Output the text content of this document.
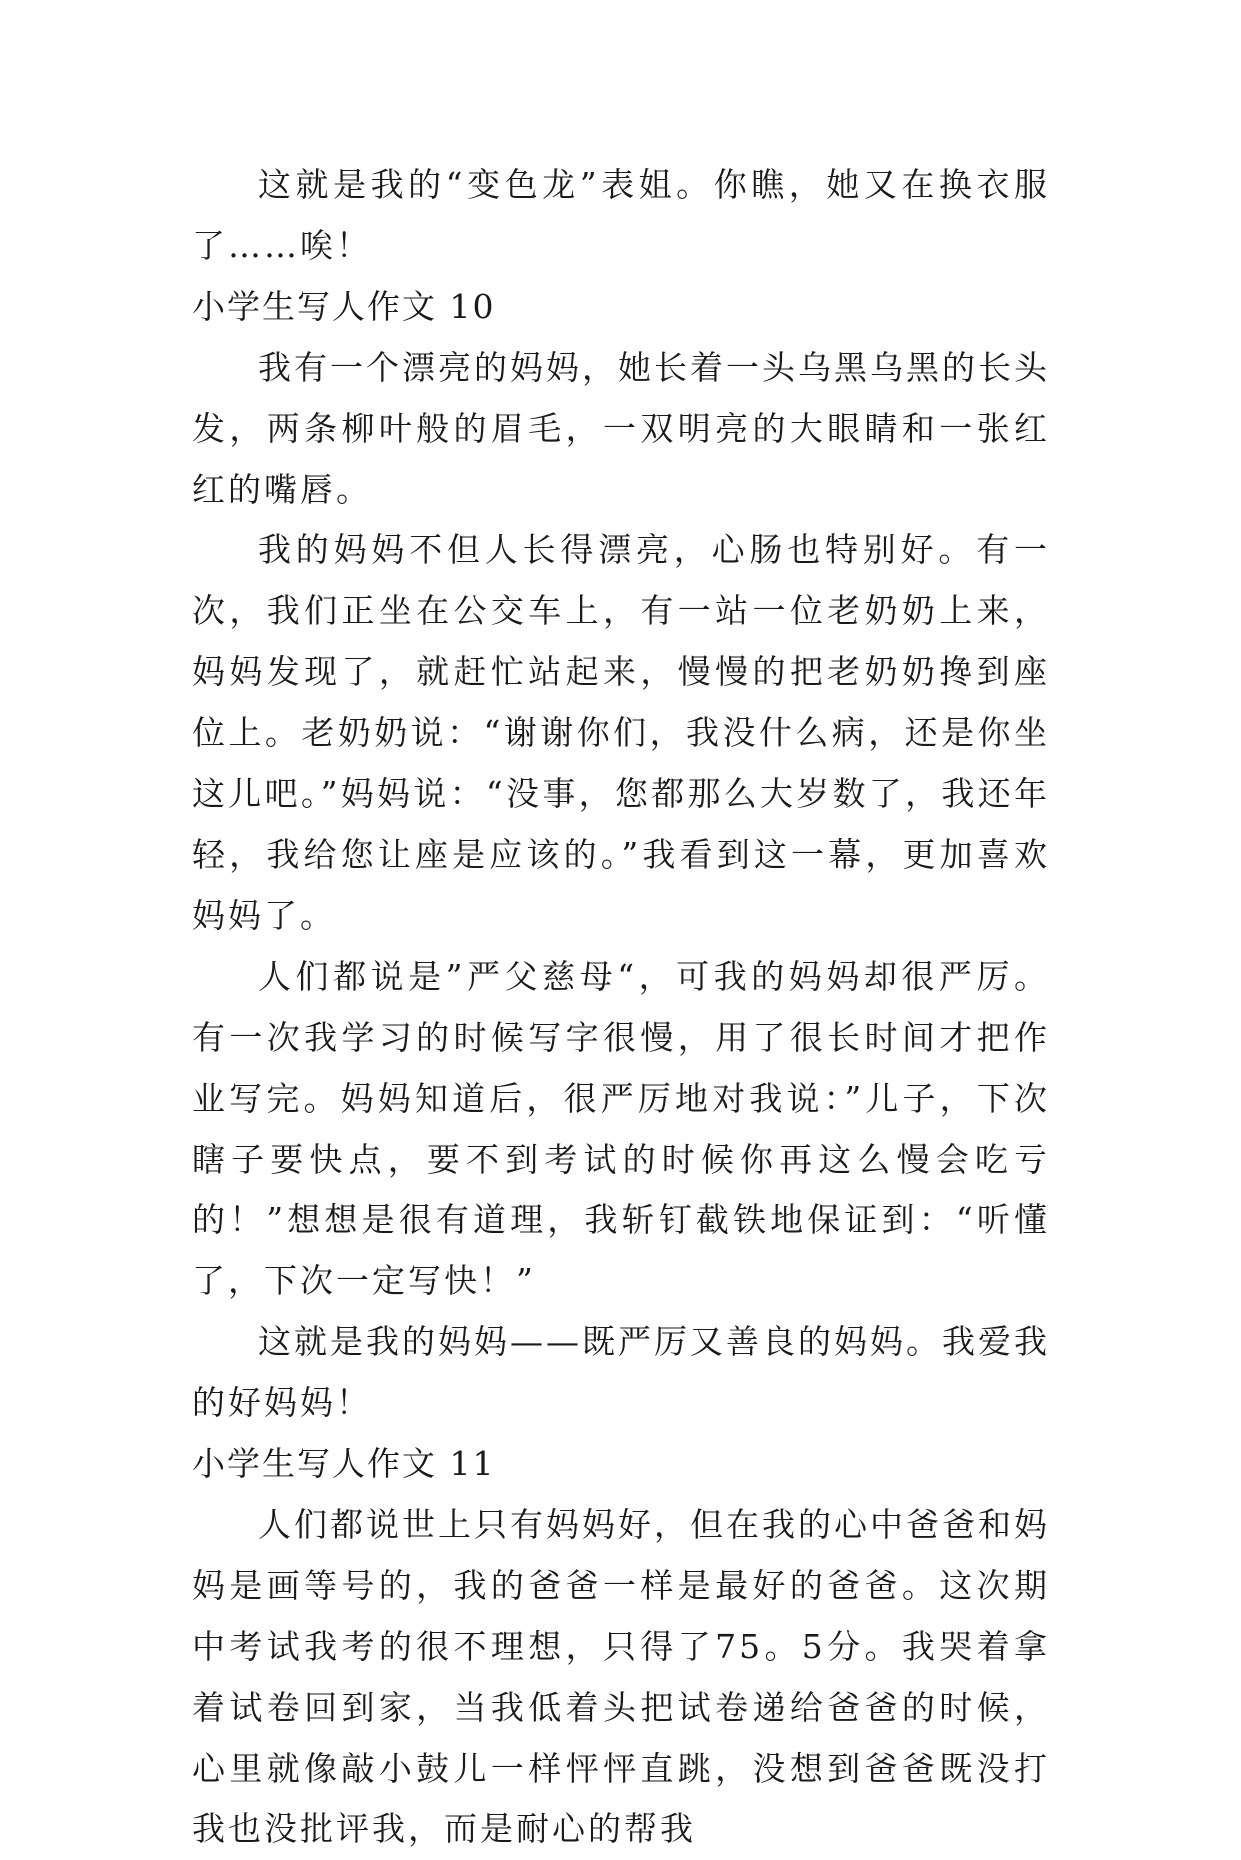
这就是我的“变色龙”表姐。你瞧，她又在换衣服了……唉！

小学生写人作文 10

我有一个漂亮的妈妈，她长着一头乌黑乌黑的长头发，两条柳叶般的眉毛，一双明亮的大眼睛和一张红红的嘴唇。

我的妈妈不但人长得漂亮，心肠也特别好。有一次，我们正坐在公交车上，有一站一位老奶奶上来，妈妈发现了，就赶忙站起来，慢慢的把老奶奶搀到座位上。老奶奶说：“谢谢你们，我没什么病，还是你坐这儿吧。”妈妈说：“没事，您都那么大岁数了，我还年轻，我给您让座是应该的。”我看到这一幕，更加喜欢妈妈了。

人们都说是”严父慈母“，可我的妈妈却很严厉。有一次我学习的时候写字很慢，用了很长时间才把作业写完。妈妈知道后，很严厉地对我说：”儿子，下次瞎子要快点，要不到考试的时候你再这么慢会吃亏的！”想想是很有道理，我斩钉截铁地保证到：“听懂了，下次一定写快！”

这就是我的妈妈——既严厉又善良的妈妈。我爱我的好妈妈！

小学生写人作文 11

人们都说世上只有妈妈好，但在我的心中爸爸和妈妈是画等号的，我的爸爸一样是最好的爸爸。这次期中考试我考的很不理想，只得了75。5分。我哭着拿着试卷回到家，当我低着头把试卷递给爸爸的时候，心里就像敲小鼓儿一样怦怦直跳，没想到爸爸既没打我也没批评我，而是耐心的帮我
